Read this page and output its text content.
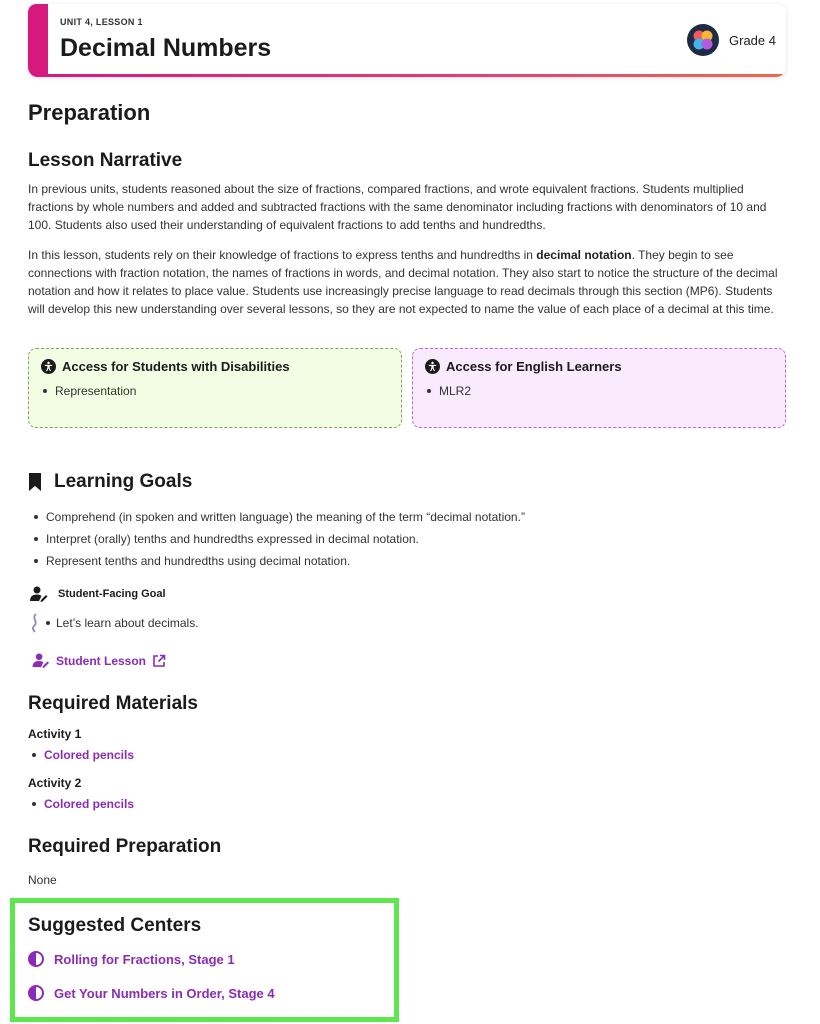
UNIT 4, LESSON 1
Decimal Numbers	Grade 4
Preparation
Lesson Narrative
In previous units, students reasoned about the size of fractions, compared fractions, and wrote equivalent fractions. Students multiplied fractions by whole numbers and added and subtracted fractions with the same denominator including fractions with denominators of 10 and 100. Students also used their understanding of equivalent fractions to add tenths and hundredths.
In this lesson, students rely on their knowledge of fractions to express tenths and hundredths in decimal notation. They begin to see connections with fraction notation, the names of fractions in words, and decimal notation. They also start to notice the structure of the decimal notation and how it relates to place value. Students use increasingly precise language to read decimals through this section (MP6). Students will develop this new understanding over several lessons, so they are not expected to name the value of each place of a decimal at this time.
Access for Students with Disabilities
Representation
Access for English Learners
MLR2
Learning Goals
Comprehend (in spoken and written language) the meaning of the term “decimal notation.”
Interpret (orally) tenths and hundredths expressed in decimal notation.
Represent tenths and hundredths using decimal notation.
Student-Facing Goal
Let’s learn about decimals.
Student Lesson
Required Materials
Activity 1
Colored pencils
Activity 2
Colored pencils
Required Preparation
None
Suggested Centers
Rolling for Fractions, Stage 1
Get Your Numbers in Order, Stage 4
